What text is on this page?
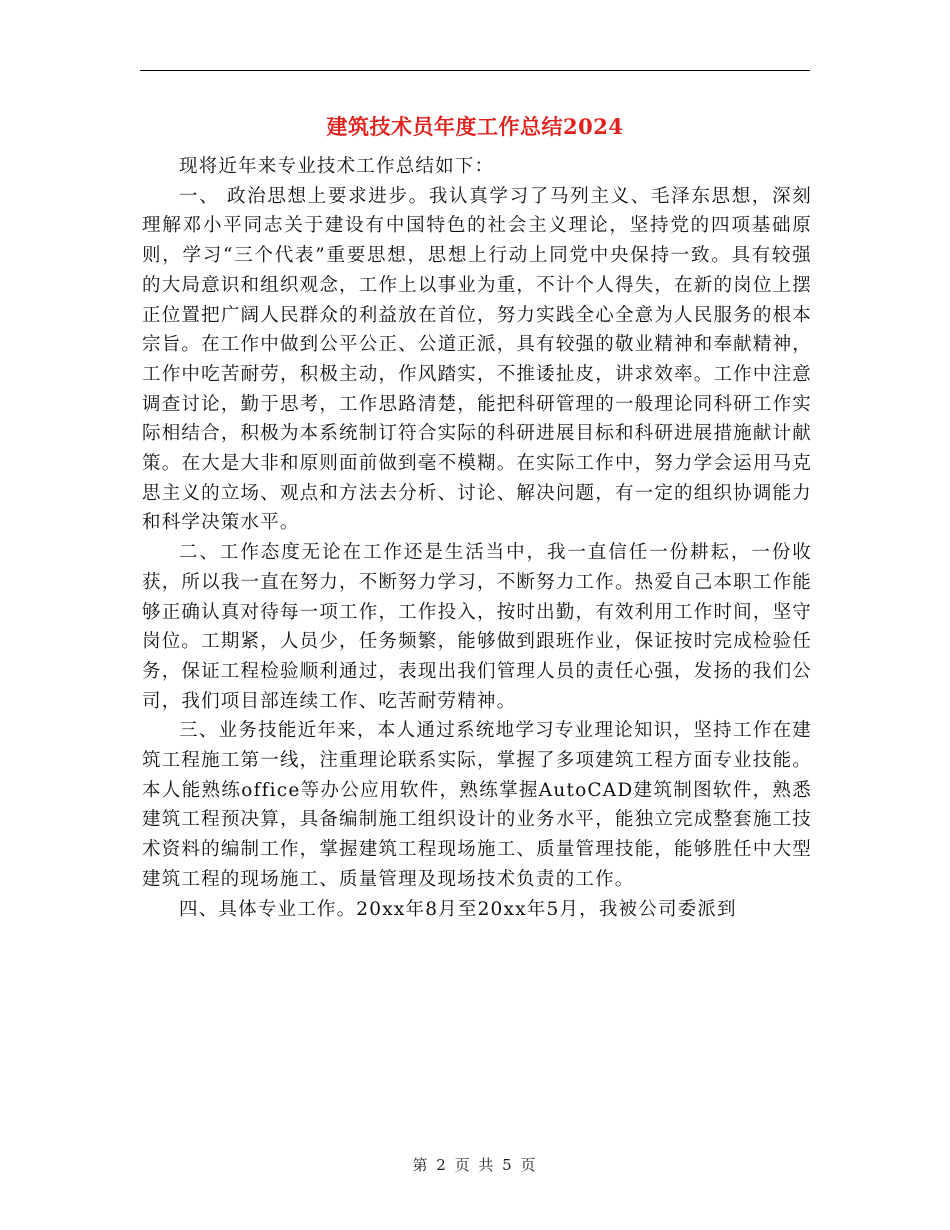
建筑技术员年度工作总结2024

现将近年来专业技术工作总结如下：

一、 政治思想上要求进步。我认真学习了马列主义、毛泽东思想，深刻理解邓小平同志关于建设有中国特色的社会主义理论，坚持党的四项基础原则，学习“三个代表”重要思想，思想上行动上同党中央保持一致。具有较强的大局意识和组织观念，工作上以事业为重，不计个人得失，在新的岗位上摆正位置把广阔人民群众的利益放在首位，努力实践全心全意为人民服务的根本宗旨。在工作中做到公平公正、公道正派，具有较强的敬业精神和奉献精神，工作中吃苦耐劳，积极主动，作风踏实，不推诿扯皮，讲求效率。工作中注意调查讨论，勤于思考，工作思路清楚，能把科研管理的一般理论同科研工作实际相结合，积极为本系统制订符合实际的科研进展目标和科研进展措施献计献策。在大是大非和原则面前做到毫不模糊。在实际工作中，努力学会运用马克思主义的立场、观点和方法去分析、讨论、解决问题，有一定的组织协调能力和科学决策水平。

二、工作态度无论在工作还是生活当中，我一直信任一份耕耘，一份收获，所以我一直在努力，不断努力学习，不断努力工作。热爱自己本职工作能够正确认真对待每一项工作，工作投入，按时出勤，有效利用工作时间，坚守岗位。工期紧，人员少，任务频繁，能够做到跟班作业，保证按时完成检验任务，保证工程检验顺利通过，表现出我们管理人员的责任心强，发扬的我们公司，我们项目部连续工作、吃苦耐劳精神。

三、业务技能近年来，本人通过系统地学习专业理论知识，坚持工作在建筑工程施工第一线，注重理论联系实际，掌握了多项建筑工程方面专业技能。本人能熟练office等办公应用软件，熟练掌握AutoCAD建筑制图软件，熟悉建筑工程预决算，具备编制施工组织设计的业务水平，能独立完成整套施工技术资料的编制工作，掌握建筑工程现场施工、质量管理技能，能够胜任中大型建筑工程的现场施工、质量管理及现场技术负责的工作。

四、具体专业工作。20xx年8月至20xx年5月，我被公司委派到

第 2 页 共 5 页
